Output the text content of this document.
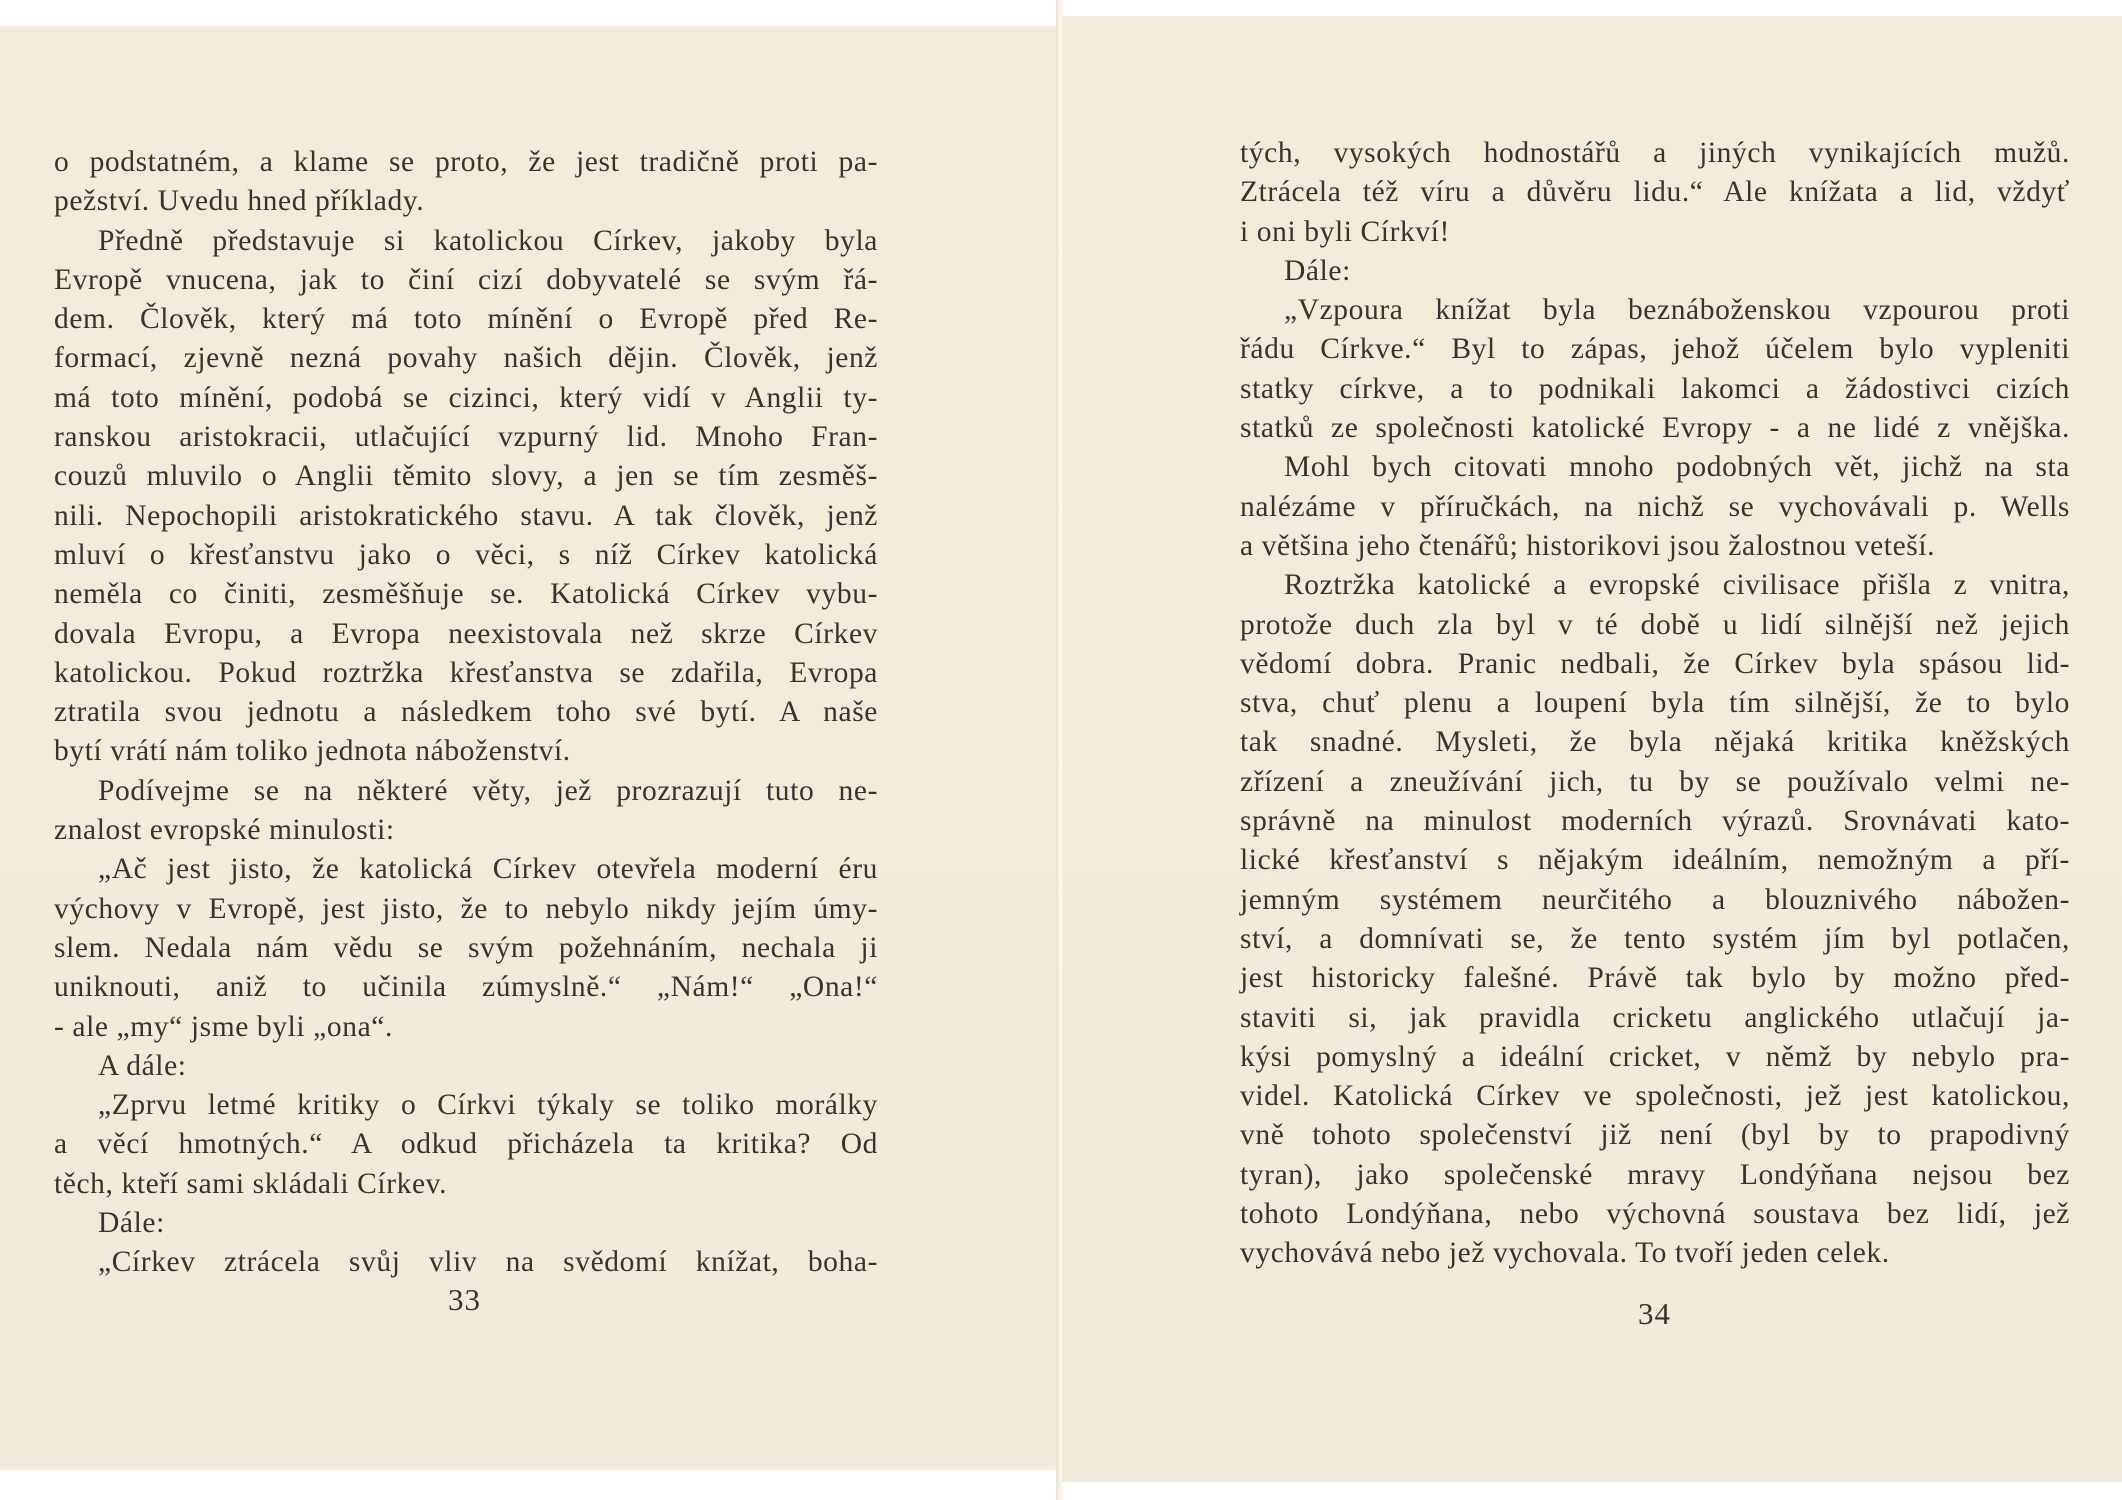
o podstatném, a klame se proto, že jest tradičně proti pa-
pežství. Uvedu hned příklady.
Předně představuje si katolickou Církev, jakoby byla
Evropě vnucena, jak to činí cizí dobyvatelé se svým řá-
dem. Člověk, který má toto mínění o Evropě před Re-
formací, zjevně nezná povahy našich dějin. Člověk, jenž
má toto mínění, podobá se cizinci, který vidí v Anglii ty-
ranskou aristokracii, utlačující vzpurný lid. Mnoho Fran-
couzů mluvilo o Anglii těmito slovy, a jen se tím zesměš-
nili. Nepochopili aristokratického stavu. A tak člověk, jenž
mluví o křesťanstvu jako o věci, s níž Církev katolická
neměla co činiti, zesměšňuje se. Katolická Církev vybu-
dovala Evropu, a Evropa neexistovala než skrze Církev
katolickou. Pokud roztržka křesťanstva se zdařila, Evropa
ztratila svou jednotu a následkem toho své bytí. A naše
bytí vrátí nám toliko jednota náboženství.
Podívejme se na některé věty, jež prozrazují tuto ne-
znalost evropské minulosti:
„Ač jest jisto, že katolická Církev otevřela moderní éru
výchovy v Evropě, jest jisto, že to nebylo nikdy jejím úmy-
slem. Nedala nám vědu se svým požehnáním, nechala ji
uniknouti, aniž to učinila zúmyslně.“ „Nám!“ „Ona!“
- ale „my“ jsme byli „ona“.
A dále:
„Zprvu letmé kritiky o Církvi týkaly se toliko morálky
a věcí hmotných.“ A odkud přicházela ta kritika? Od
těch, kteří sami skládali Církev.
Dále:
„Církev ztrácela svůj vliv na svědomí knížat, boha-
33
tých, vysokých hodnostářů a jiných vynikajících mužů.
Ztrácela též víru a důvěru lidu.“ Ale knížata a lid, vždyť
i oni byli Církví!
Dále:
„Vzpoura knížat byla beznáboženskou vzpourou proti
řádu Církve.“ Byl to zápas, jehož účelem bylo vypleniti
statky církve, a to podnikali lakomci a žádostivci cizích
statků ze společnosti katolické Evropy - a ne lidé z vnějška.
Mohl bych citovati mnoho podobných vět, jichž na sta
nalézáme v příručkách, na nichž se vychovávali p. Wells
a většina jeho čtenářů; historikovi jsou žalostnou veteší.
Roztržka katolické a evropské civilisace přišla z vnitra,
protože duch zla byl v té době u lidí silnější než jejich
vědomí dobra. Pranic nedbali, že Církev byla spásou lid-
stva, chuť plenu a loupení byla tím silnější, že to bylo
tak snadné. Mysleti, že byla nějaká kritika kněžských
zřízení a zneužívání jich, tu by se používalo velmi ne-
správně na minulost moderních výrazů. Srovnávati kato-
lické křesťanství s nějakým ideálním, nemožným a pří-
jemným systémem neurčitého a blouznivého nábožen-
ství, a domnívati se, že tento systém jím byl potlačen,
jest historicky falešné. Právě tak bylo by možno před-
staviti si, jak pravidla cricketu anglického utlačují ja-
kýsi pomyslný a ideální cricket, v němž by nebylo pra-
videl. Katolická Církev ve společnosti, jež jest katolickou,
vně tohoto společenství již není (byl by to prapodivný
tyran), jako společenské mravy Londýňana nejsou bez
tohoto Londýňana, nebo výchovná soustava bez lidí, jež
vychovává nebo jež vychovala. To tvoří jeden celek.
34
